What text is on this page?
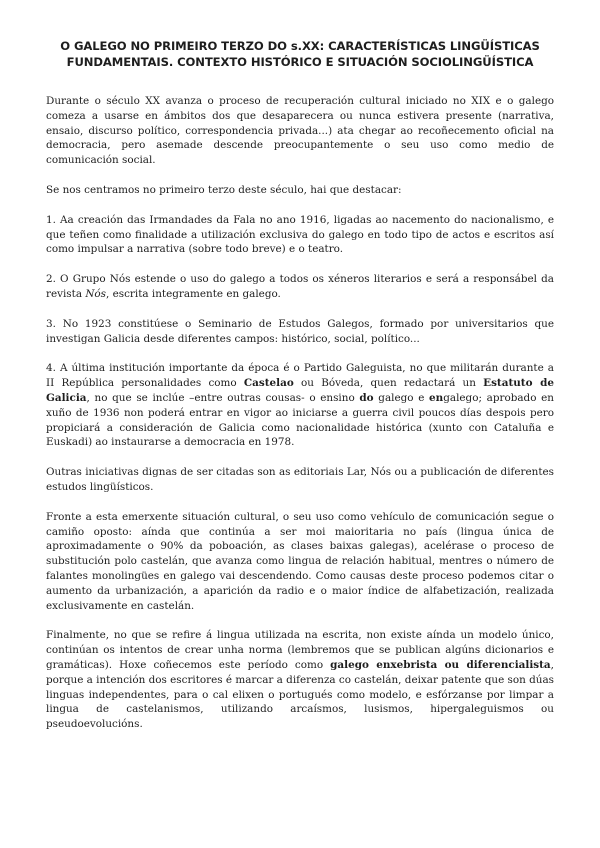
O GALEGO NO PRIMEIRO TERZO DO s.XX: CARACTERÍSTICAS LINGÜÍSTICAS
FUNDAMENTAIS. CONTEXTO HISTÓRICO E SITUACIÓN SOCIOLINGÜÍSTICA

Durante o século XX avanza o proceso de recuperación cultural iniciado no XIX e o galego comeza a usarse en ámbitos dos que desaparecera ou nunca estivera presente (narrativa, ensaio, discurso político, correspondencia privada...) ata chegar ao recoñecemento oficial na democracia, pero asemade descende preocupantemente o seu uso como medio de comunicación social.

Se nos centramos no primeiro terzo deste século, hai que destacar:

1. Aa creación das Irmandades da Fala no ano 1916, ligadas ao nacemento do nacionalismo, e que teñen como finalidade a utilización exclusiva do galego en todo tipo de actos e escritos así como impulsar a narrativa (sobre todo breve) e o teatro.

2. O Grupo Nós estende o uso do galego a todos os xéneros literarios e será a responsábel da revista Nós, escrita integramente en galego.

3. No 1923 constitúese o Seminario de Estudos Galegos, formado por universitarios que investigan Galicia desde diferentes campos: histórico, social, político...

4. A última institución importante da época é o Partido Galeguista, no que militarán durante a II República personalidades como Castelao ou Bóveda, quen redactará un Estatuto de Galicia, no que se inclúe –entre outras cousas- o ensino do galego e engalego; aprobado en xuño de 1936 non poderá entrar en vigor ao iniciarse a guerra civil poucos días despois pero propiciará a consideración de Galicia como nacionalidade histórica (xunto con Cataluña e Euskadi) ao instaurarse a democracia en 1978.

Outras iniciativas dignas de ser citadas son as editoriais Lar, Nós ou a publicación de diferentes estudos lingüísticos.

Fronte a esta emerxente situación cultural, o seu uso como vehículo de comunicación segue o camiño oposto: aínda que continúa a ser moi maioritaria no país (lingua única de aproximadamente o 90% da poboación, as clases baixas galegas), acelérase o proceso de substitución polo castelán, que avanza como lingua de relación habitual, mentres o número de falantes monolingües en galego vai descendendo. Como causas deste proceso podemos citar o aumento da urbanización, a aparición da radio e o maior índice de alfabetización, realizada exclusivamente en castelán.

Finalmente, no que se refire á lingua utilizada na escrita, non existe aínda un modelo único, continúan os intentos de crear unha norma (lembremos que se publican algúns dicionarios e gramáticas). Hoxe coñecemos este período como galego enxebrista ou diferencialista, porque a intención dos escritores é marcar a diferenza co castelán, deixar patente que son dúas linguas independentes, para o cal elixen o portugués como modelo, e esfórzanse por limpar a lingua de castelanismos, utilizando arcaísmos, lusismos, hipergaleguismos ou pseudoevolucións.
